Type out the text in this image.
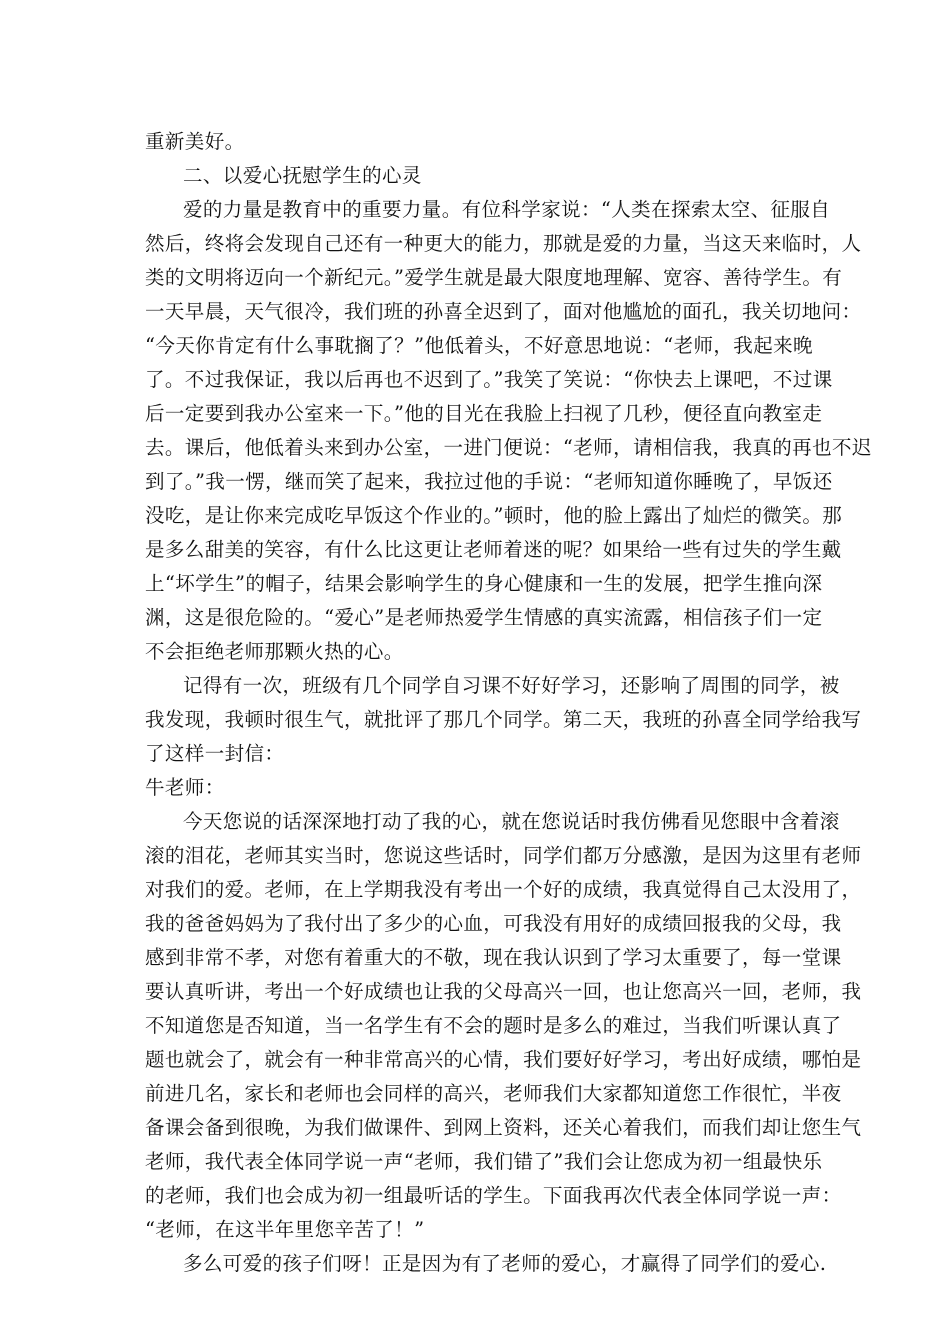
重新美好。
二、以爱心抚慰学生的心灵
爱的力量是教育中的重要力量。有位科学家说：“人类在探索太空、征服自
然后，终将会发现自己还有一种更大的能力，那就是爱的力量，当这天来临时，人
类的文明将迈向一个新纪元。”爱学生就是最大限度地理解、宽容、善待学生。有
一天早晨，天气很冷，我们班的孙喜全迟到了，面对他尴尬的面孔，我关切地问：
“今天你肯定有什么事耽搁了？”他低着头，不好意思地说：“老师，我起来晚
了。不过我保证，我以后再也不迟到了。”我笑了笑说：“你快去上课吧，不过课
后一定要到我办公室来一下。”他的目光在我脸上扫视了几秒，便径直向教室走
去。课后，他低着头来到办公室，一进门便说：“老师，请相信我，我真的再也不迟
到了。”我一愣，继而笑了起来，我拉过他的手说：“老师知道你睡晚了，早饭还
没吃，是让你来完成吃早饭这个作业的。”顿时，他的脸上露出了灿烂的微笑。那
是多么甜美的笑容，有什么比这更让老师着迷的呢？如果给一些有过失的学生戴
上“坏学生”的帽子，结果会影响学生的身心健康和一生的发展，把学生推向深
渊，这是很危险的。“爱心”是老师热爱学生情感的真实流露，相信孩子们一定
不会拒绝老师那颗火热的心。
记得有一次，班级有几个同学自习课不好好学习，还影响了周围的同学，被
我发现，我顿时很生气，就批评了那几个同学。第二天，我班的孙喜全同学给我写
了这样一封信：
牛老师：
今天您说的话深深地打动了我的心，就在您说话时我仿佛看见您眼中含着滚
滚的泪花，老师其实当时，您说这些话时，同学们都万分感激，是因为这里有老师
对我们的爱。老师，在上学期我没有考出一个好的成绩，我真觉得自己太没用了，
我的爸爸妈妈为了我付出了多少的心血，可我没有用好的成绩回报我的父母，我
感到非常不孝，对您有着重大的不敬，现在我认识到了学习太重要了，每一堂课
要认真听讲，考出一个好成绩也让我的父母高兴一回，也让您高兴一回，老师，我
不知道您是否知道，当一名学生有不会的题时是多么的难过，当我们听课认真了
题也就会了，就会有一种非常高兴的心情，我们要好好学习，考出好成绩，哪怕是
前进几名，家长和老师也会同样的高兴，老师我们大家都知道您工作很忙，半夜
备课会备到很晚，为我们做课件、到网上资料，还关心着我们，而我们却让您生气
老师，我代表全体同学说一声“老师，我们错了”我们会让您成为初一组最快乐
的老师，我们也会成为初一组最听话的学生。下面我再次代表全体同学说一声：
“老师，在这半年里您辛苦了！”
多么可爱的孩子们呀！正是因为有了老师的爱心，才赢得了同学们的爱心.
